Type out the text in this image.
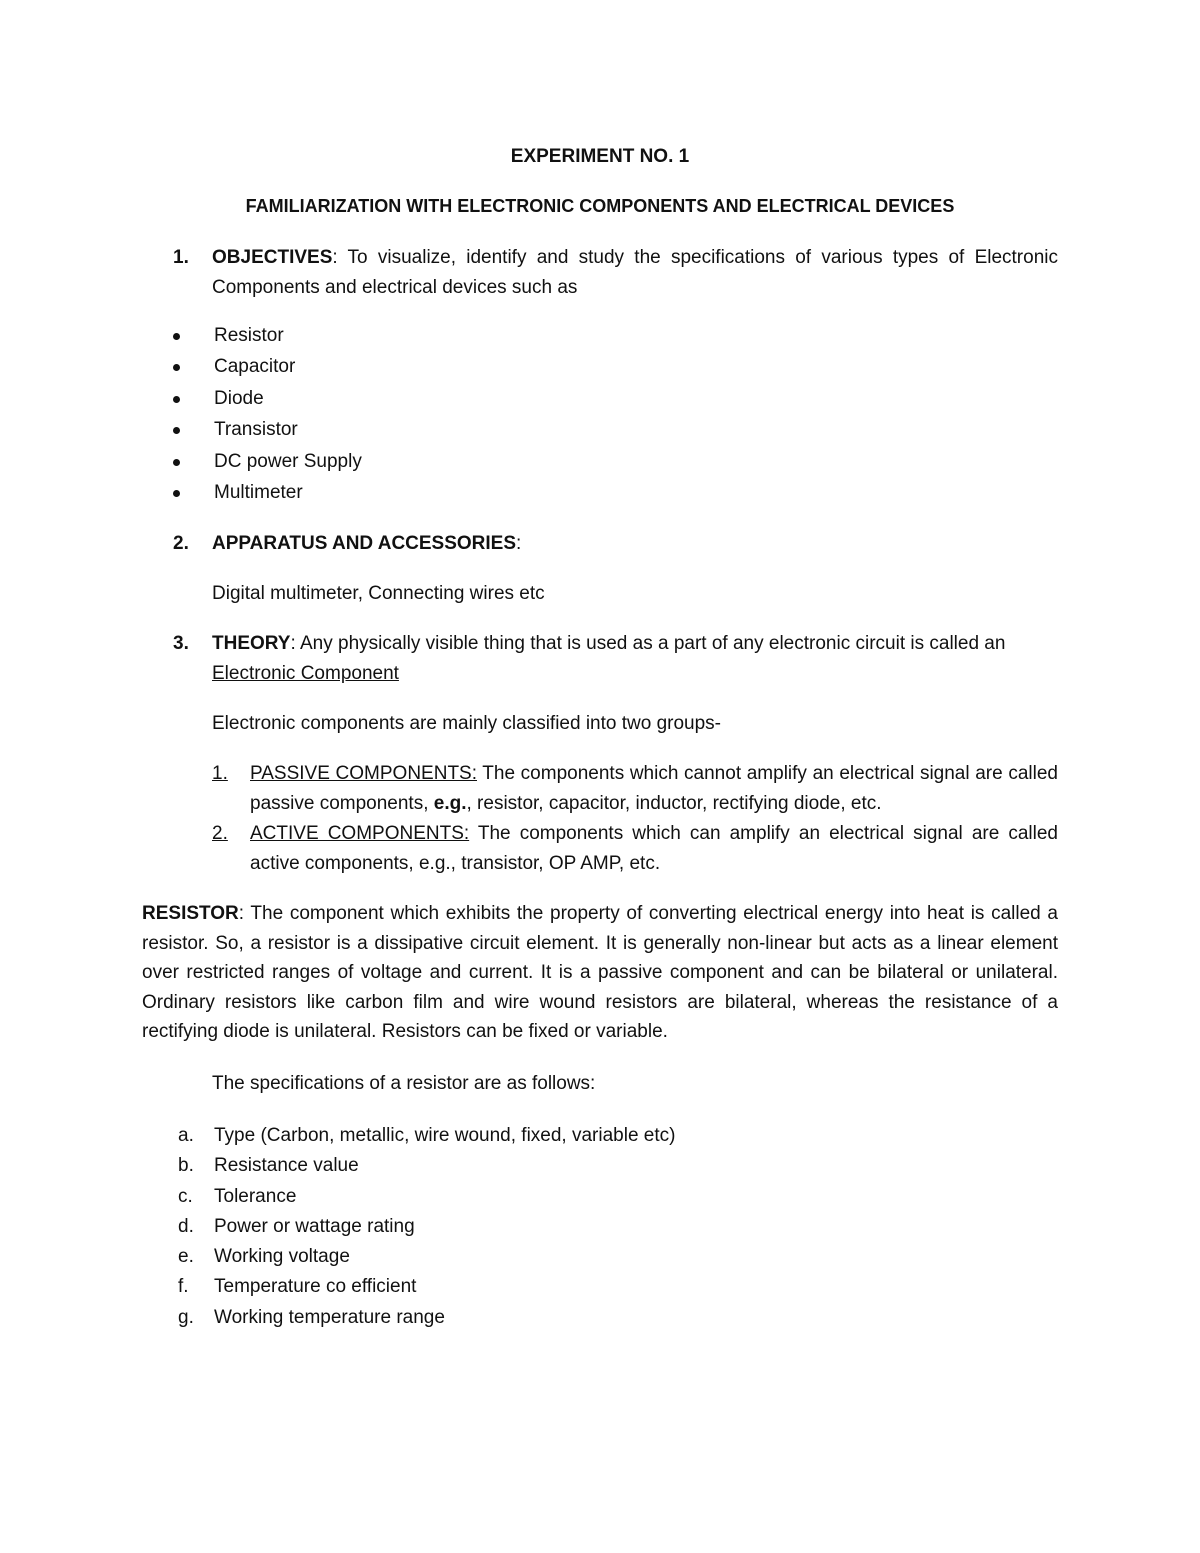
EXPERIMENT NO. 1
FAMILIARIZATION WITH ELECTRONIC COMPONENTS AND ELECTRICAL DEVICES
1. OBJECTIVES: To visualize, identify and study the specifications of various types of Electronic Components and electrical devices such as
Resistor
Capacitor
Diode
Transistor
DC power Supply
Multimeter
2. APPARATUS AND ACCESSORIES:
Digital multimeter, Connecting wires etc
3. THEORY: Any physically visible thing that is used as a part of any electronic circuit is called an
Electronic Component
Electronic components are mainly classified into two groups-
1. PASSIVE COMPONENTS: The components which cannot amplify an electrical signal are called passive components, e.g., resistor, capacitor, inductor, rectifying diode, etc.
2. ACTIVE COMPONENTS: The components which can amplify an electrical signal are called active components, e.g., transistor, OP AMP, etc.
RESISTOR: The component which exhibits the property of converting electrical energy into heat is called a resistor. So, a resistor is a dissipative circuit element. It is generally non-linear but acts as a linear element over restricted ranges of voltage and current. It is a passive component and can be bilateral or unilateral. Ordinary resistors like carbon film and wire wound resistors are bilateral, whereas the resistance of a rectifying diode is unilateral. Resistors can be fixed or variable.
The specifications of a resistor are as follows:
a. Type (Carbon, metallic, wire wound, fixed, variable etc)
b. Resistance value
c. Tolerance
d. Power or wattage rating
e. Working voltage
f. Temperature co efficient
g. Working temperature range
